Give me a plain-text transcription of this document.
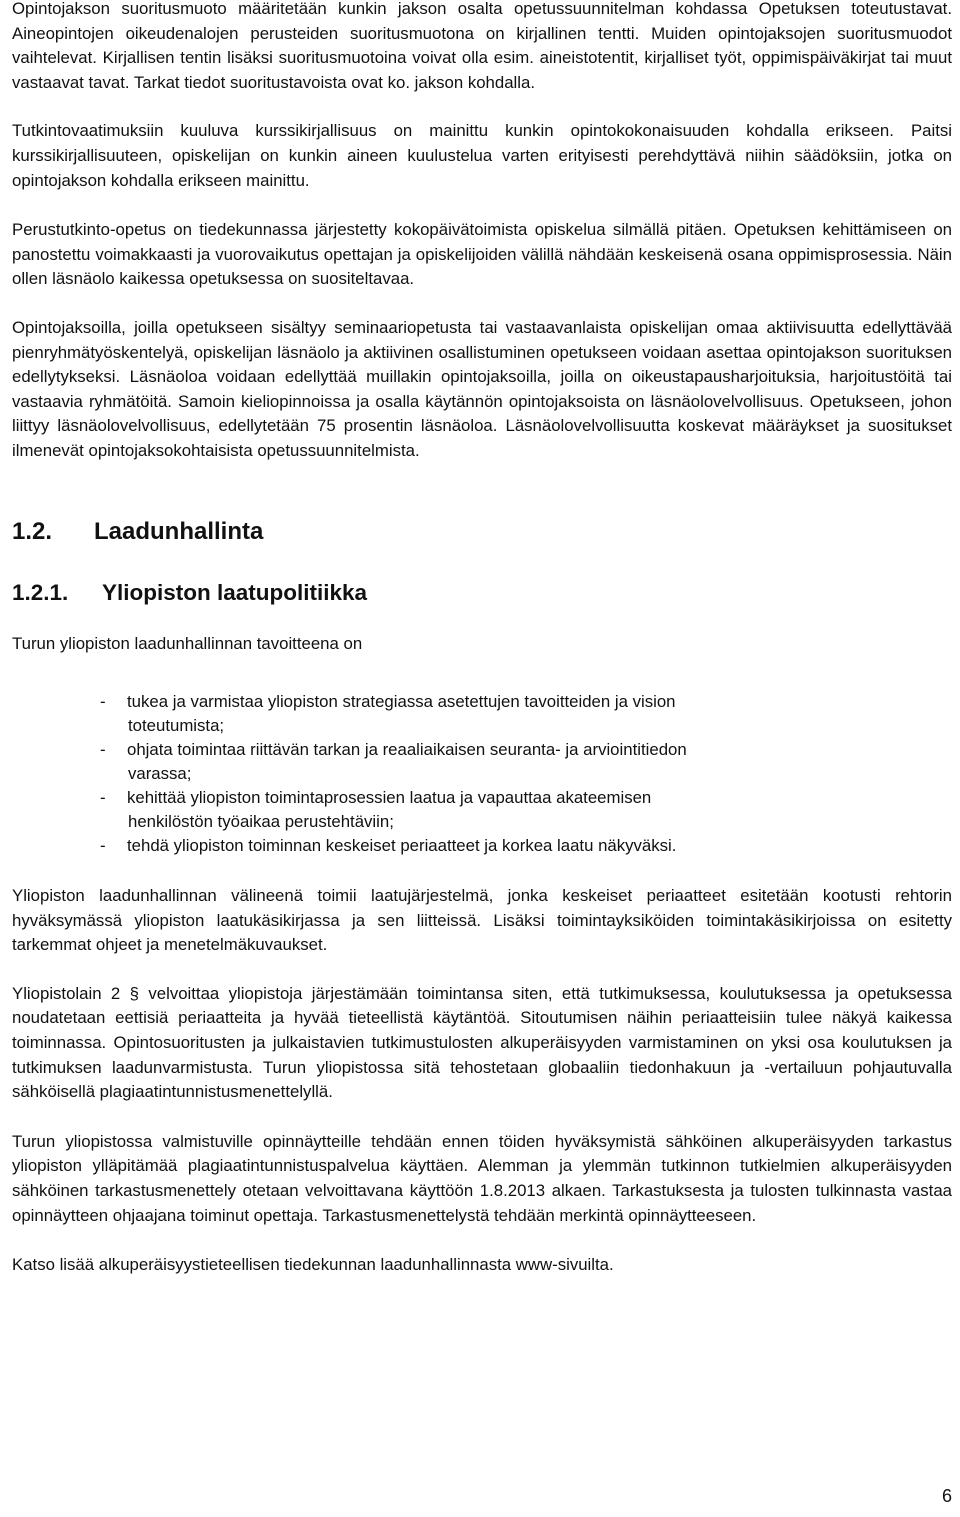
Opintojakson suoritusmuoto määritetään kunkin jakson osalta opetussuunnitelman kohdassa Opetuksen toteutustavat. Aineopintojen oikeudenalojen perusteiden suoritusmuotona on kirjallinen tentti. Muiden opintojaksojen suoritusmuodot vaihtelevat. Kirjallisen tentin lisäksi suoritusmuotoina voivat olla esim. aineistotentit, kirjalliset työt, oppimispäiväkirjat tai muut vastaavat tavat. Tarkat tiedot suoritustavoista ovat ko. jakson kohdalla.

Tutkintovaatimuksiin kuuluva kurssikirjallisuus on mainittu kunkin opintokokonaisuuden kohdalla erikseen. Paitsi kurssikirjallisuuteen, opiskelijan on kunkin aineen kuulustelua varten erityisesti perehdyttävä niihin säädöksiin, jotka on opintojakson kohdalla erikseen mainittu.

Perustutkinto-opetus on tiedekunnassa järjestetty kokopäivätoimista opiskelua silmällä pitäen. Opetuksen kehittämiseen on panostettu voimakkaasti ja vuorovaikutus opettajan ja opiskelijoiden välillä nähdään keskeisenä osana oppimisprosessia. Näin ollen läsnäolo kaikessa opetuksessa on suositeltavaa.

Opintojaksoilla, joilla opetukseen sisältyy seminaariopetusta tai vastaavanlaista opiskelijan omaa aktiivisuutta edellyttävää pienryhmätyöskentelyä, opiskelijan läsnäolo ja aktiivinen osallistuminen opetukseen voidaan asettaa opintojakson suorituksen edellytykseksi. Läsnäoloa voidaan edellyttää muillakin opintojaksoilla, joilla on oikeustapausharjoituksia, harjoitustöitä tai vastaavia ryhmätöitä. Samoin kieliopinnoissa ja osalla käytännön opintojaksoista on läsnäolovelvollisuus. Opetukseen, johon liittyy läsnäolovelvollisuus, edellytetään 75 prosentin läsnäoloa. Läsnäolovelvollisuutta koskevat määräykset ja suositukset ilmenevät opintojaksokohtaisista opetussuunnitelmista.

1.2. Laadunhallinta
1.2.1. Yliopiston laatupolitiikka

Turun yliopiston laadunhallinnan tavoitteena on

- tukea ja varmistaa yliopiston strategiassa asetettujen tavoitteiden ja vision
toteutumista;
- ohjata toimintaa riittävän tarkan ja reaaliaikaisen seuranta- ja arviointitiedon
varassa;
- kehittää yliopiston toimintaprosessien laatua ja vapauttaa akateemisen
henkilöstön työaikaa perustehtäviin;
- tehdä yliopiston toiminnan keskeiset periaatteet ja korkea laatu näkyväksi.

Yliopiston laadunhallinnan välineenä toimii laatujärjestelmä, jonka keskeiset periaatteet esitetään kootusti rehtorin hyväksymässä yliopiston laatukäsikirjassa ja sen liitteissä. Lisäksi toimintayksiköiden toimintakäsikirjoissa on esitetty tarkemmat ohjeet ja menetelmäkuvaukset.

Yliopistolain 2 § velvoittaa yliopistoja järjestämään toimintansa siten, että tutkimuksessa, koulutuksessa ja opetuksessa noudatetaan eettisiä periaatteita ja hyvää tieteellistä käytäntöä. Sitoutumisen näihin periaatteisiin tulee näkyä kaikessa toiminnassa. Opintosuoritusten ja julkaistavien tutkimustulosten alkuperäisyyden varmistaminen on yksi osa koulutuksen ja tutkimuksen laadunvarmistusta. Turun yliopistossa sitä tehostetaan globaaliin tiedonhakuun ja -vertailuun pohjautuvalla sähköisellä plagiaatintunnistusmenettelyllä.

Turun yliopistossa valmistuville opinnäytteille tehdään ennen töiden hyväksymistä sähköinen alkuperäisyyden tarkastus yliopiston ylläpitämää plagiaatintunnistuspalvelua käyttäen. Alemman ja ylemmän tutkinnon tutkielmien alkuperäisyyden sähköinen tarkastusmenettely otetaan velvoittavana käyttöön 1.8.2013 alkaen. Tarkastuksesta ja tulosten tulkinnasta vastaa opinnäytteen ohjaajana toiminut opettaja. Tarkastusmenettelystä tehdään merkintä opinnäytteeseen.

Katso lisää alkuperäisyystieteellisen tiedekunnan laadunhallinnasta www-sivuilta.

6
